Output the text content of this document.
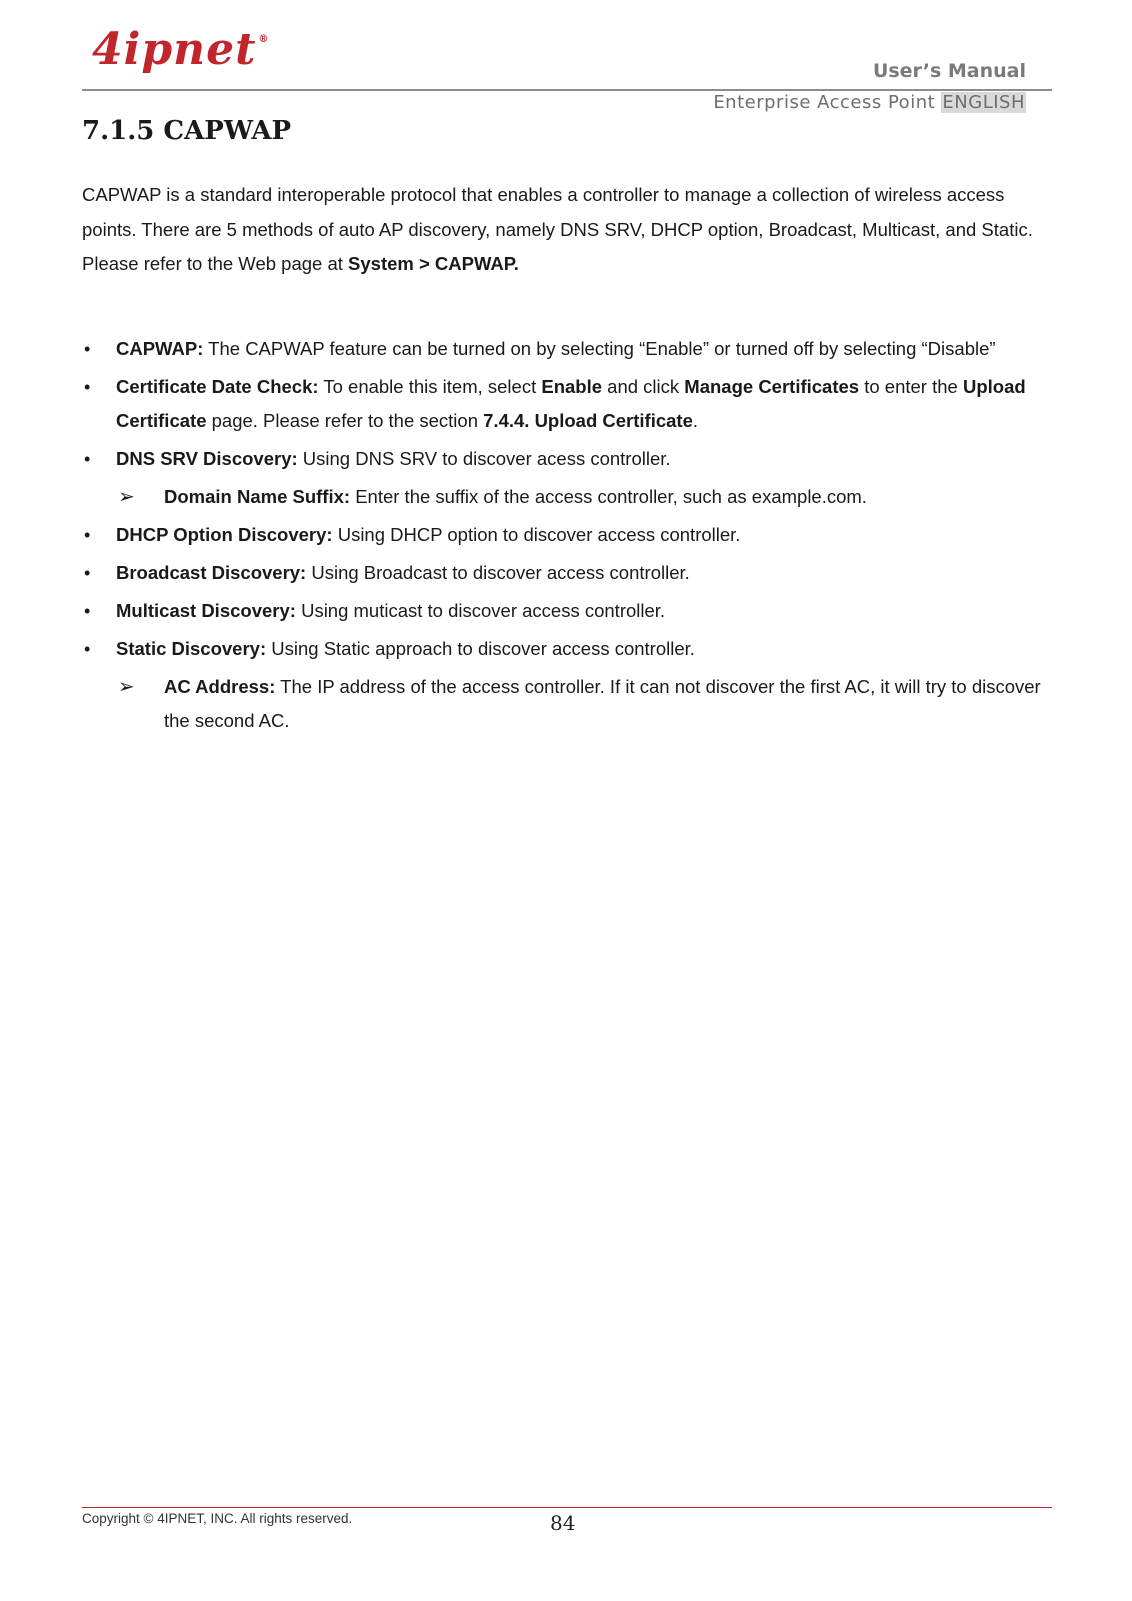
4ipnet ®
User’s Manual
Enterprise Access Point ENGLISH
7.1.5 CAPWAP

CAPWAP is a standard interoperable protocol that enables a controller to manage a collection of wireless access points. There are 5 methods of auto AP discovery, namely DNS SRV, DHCP option, Broadcast, Multicast, and Static. Please refer to the Web page at System > CAPWAP.

• CAPWAP: The CAPWAP feature can be turned on by selecting “Enable” or turned off by selecting “Disable”
• Certificate Date Check: To enable this item, select Enable and click Manage Certificates to enter the Upload Certificate page. Please refer to the section 7.4.4. Upload Certificate.
• DNS SRV Discovery: Using DNS SRV to discover acess controller.
➢ Domain Name Suffix: Enter the suffix of the access controller, such as example.com.
• DHCP Option Discovery: Using DHCP option to discover access controller.
• Broadcast Discovery: Using Broadcast to discover access controller.
• Multicast Discovery: Using muticast to discover access controller.
• Static Discovery: Using Static approach to discover access controller.
➢ AC Address: The IP address of the access controller. If it can not discover the first AC, it will try to discover the second AC.
Copyright © 4IPNET, INC. All rights reserved.	84
